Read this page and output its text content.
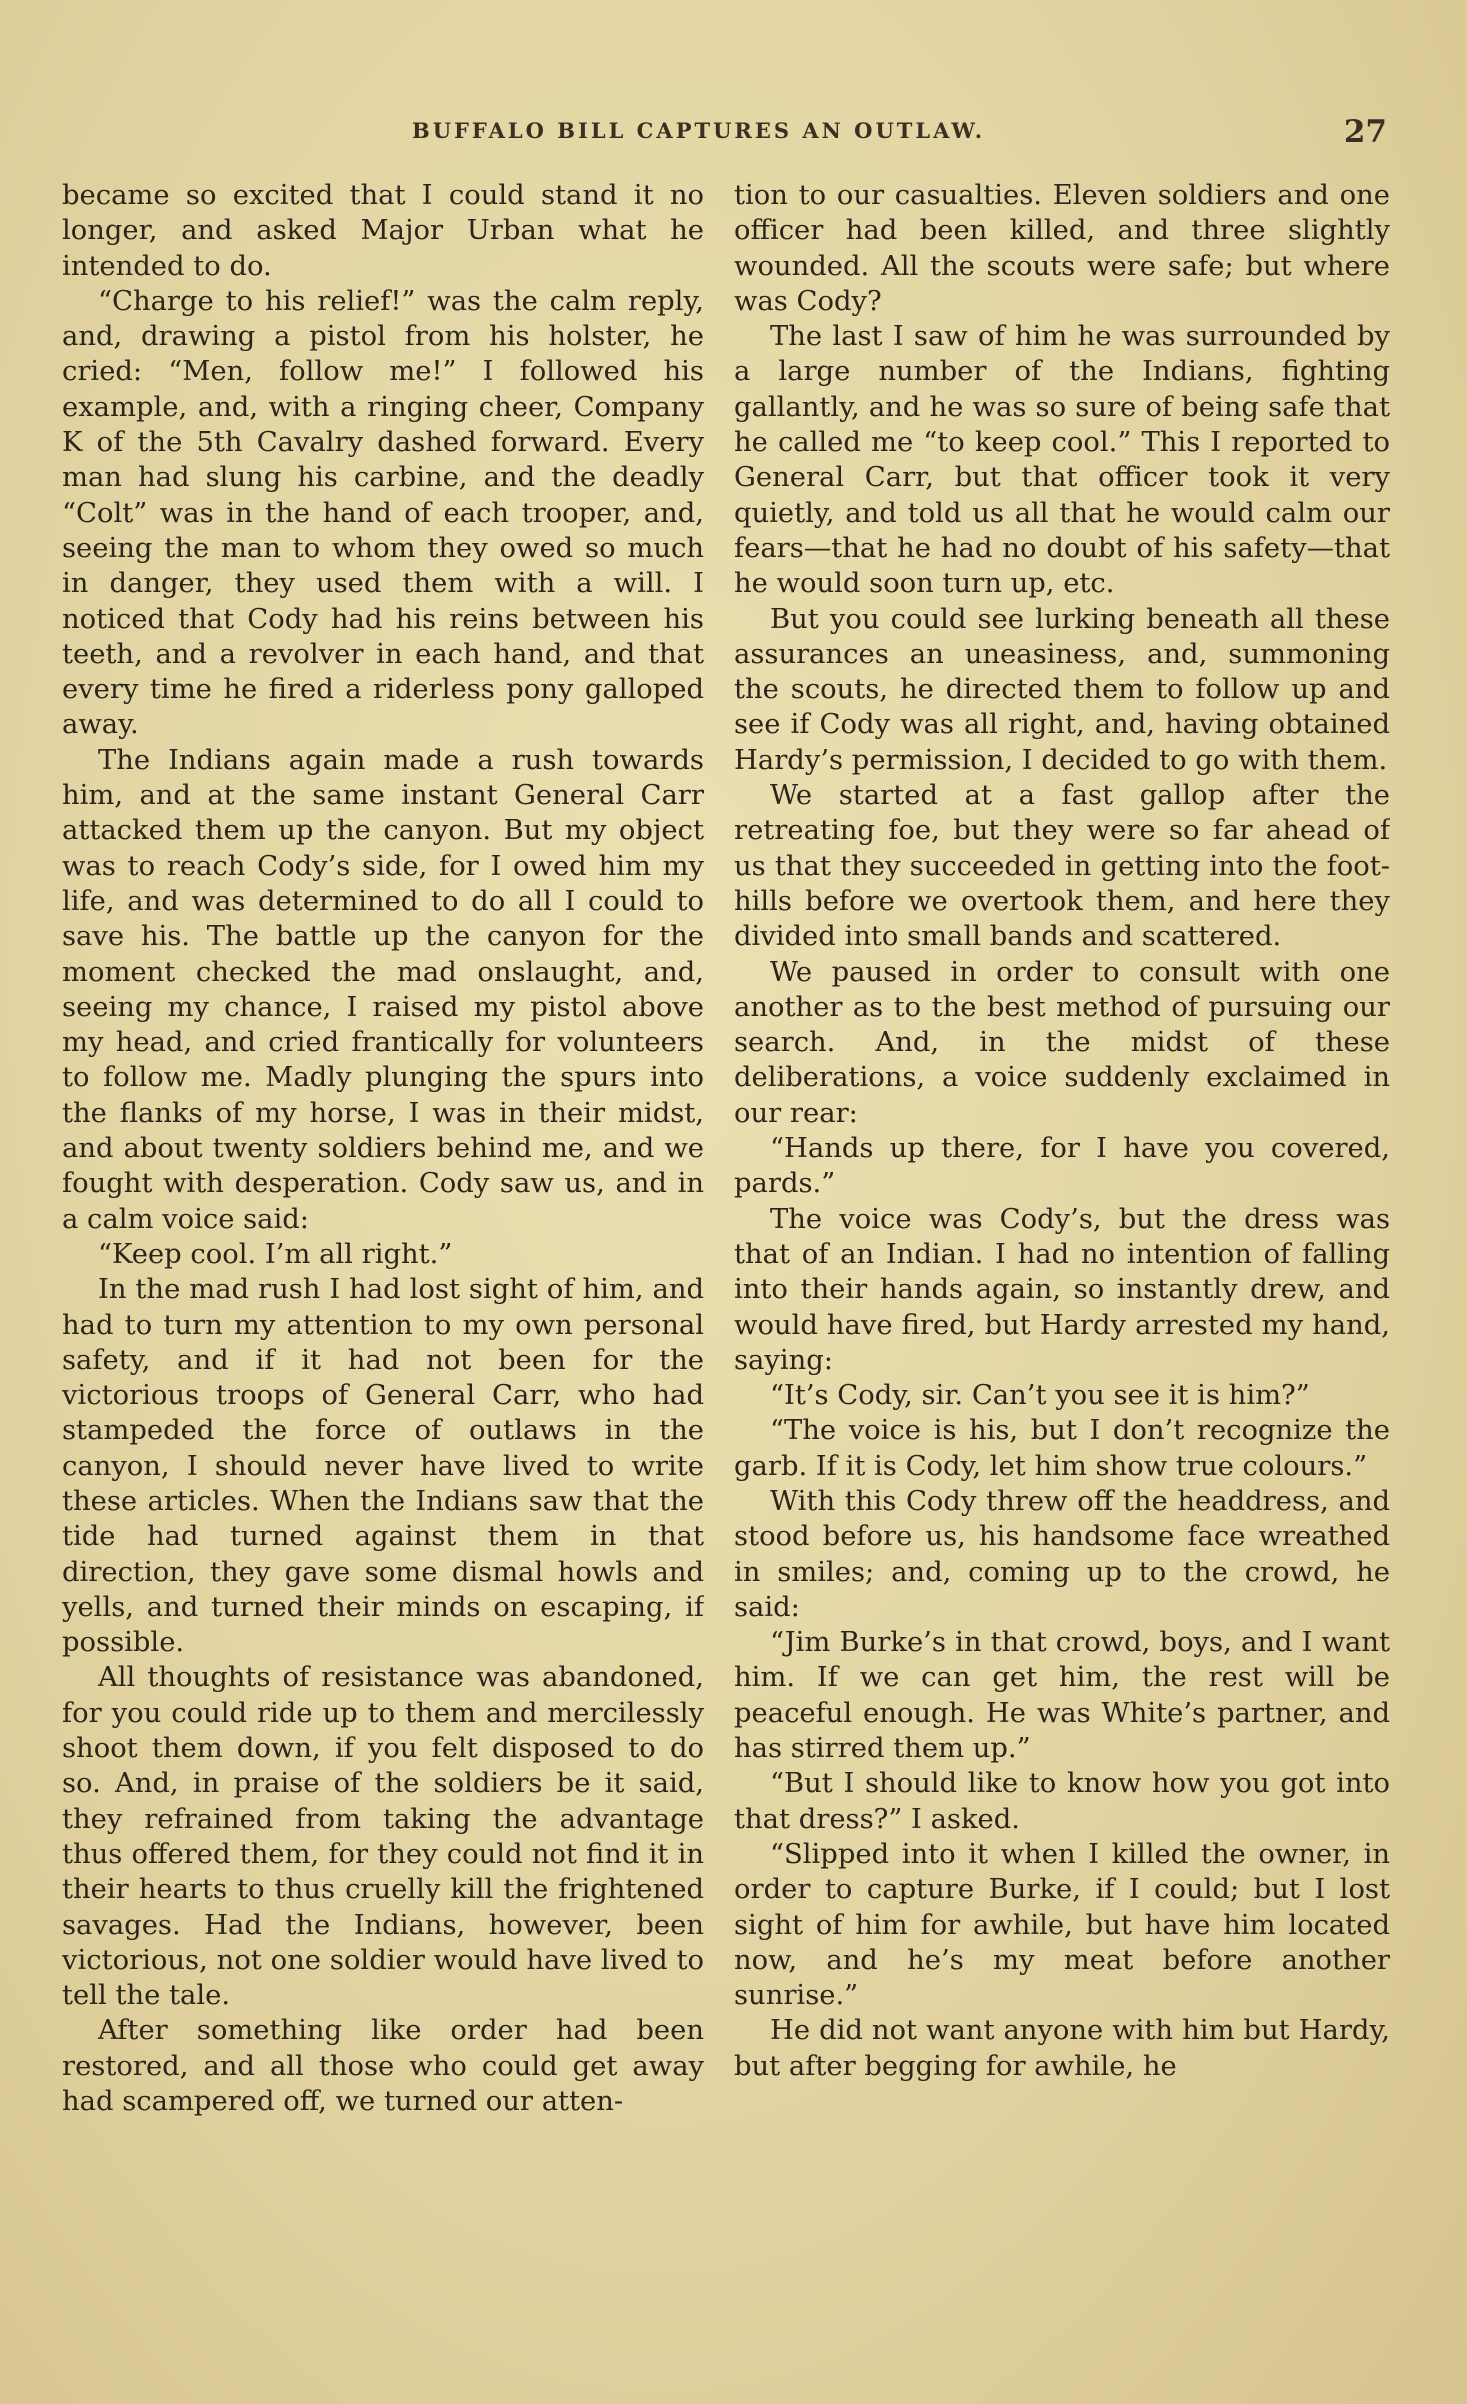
BUFFALO BILL CAPTURES AN OUTLAW.	27

became so excited that I could stand it no longer, and asked Major Urban what he intended to do.

“Charge to his relief!” was the calm reply, and, drawing a pistol from his holster, he cried: “Men, follow me!” I followed his example, and, with a ringing cheer, Company K of the 5th Cavalry dashed forward. Every man had slung his carbine, and the deadly “Colt” was in the hand of each trooper, and, seeing the man to whom they owed so much in danger, they used them with a will. I noticed that Cody had his reins between his teeth, and a revolver in each hand, and that every time he fired a riderless pony galloped away.

The Indians again made a rush towards him, and at the same instant General Carr attacked them up the canyon. But my object was to reach Cody’s side, for I owed him my life, and was determined to do all I could to save his. The battle up the canyon for the moment checked the mad onslaught, and, seeing my chance, I raised my pistol above my head, and cried frantically for volunteers to follow me. Madly plunging the spurs into the flanks of my horse, I was in their midst, and about twenty soldiers behind me, and we fought with desperation. Cody saw us, and in a calm voice said:

“Keep cool. I’m all right.”

In the mad rush I had lost sight of him, and had to turn my attention to my own personal safety, and if it had not been for the victorious troops of General Carr, who had stampeded the force of outlaws in the canyon, I should never have lived to write these articles. When the Indians saw that the tide had turned against them in that direction, they gave some dismal howls and yells, and turned their minds on escaping, if possible.

All thoughts of resistance was abandoned, for you could ride up to them and mercilessly shoot them down, if you felt disposed to do so. And, in praise of the soldiers be it said, they refrained from taking the advantage thus offered them, for they could not find it in their hearts to thus cruelly kill the frightened savages. Had the Indians, however, been victorious, not one soldier would have lived to tell the tale.

After something like order had been restored, and all those who could get away had scampered off, we turned our atten-

tion to our casualties. Eleven soldiers and one officer had been killed, and three slightly wounded. All the scouts were safe; but where was Cody?

The last I saw of him he was surrounded by a large number of the Indians, fighting gallantly, and he was so sure of being safe that he called me “to keep cool.” This I reported to General Carr, but that officer took it very quietly, and told us all that he would calm our fears—that he had no doubt of his safety—that he would soon turn up, etc.

But you could see lurking beneath all these assurances an uneasiness, and, summoning the scouts, he directed them to follow up and see if Cody was all right, and, having obtained Hardy’s permission, I decided to go with them.

We started at a fast gallop after the retreating foe, but they were so far ahead of us that they succeeded in getting into the foot-hills before we overtook them, and here they divided into small bands and scattered.

We paused in order to consult with one another as to the best method of pursuing our search. And, in the midst of these deliberations, a voice suddenly exclaimed in our rear:

“Hands up there, for I have you covered, pards.”

The voice was Cody’s, but the dress was that of an Indian. I had no intention of falling into their hands again, so instantly drew, and would have fired, but Hardy arrested my hand, saying:

“It’s Cody, sir. Can’t you see it is him?”

“The voice is his, but I don’t recognize the garb. If it is Cody, let him show true colours.”

With this Cody threw off the headdress, and stood before us, his handsome face wreathed in smiles; and, coming up to the crowd, he said:

“Jim Burke’s in that crowd, boys, and I want him. If we can get him, the rest will be peaceful enough. He was White’s partner, and has stirred them up.”

“But I should like to know how you got into that dress?” I asked.

“Slipped into it when I killed the owner, in order to capture Burke, if I could; but I lost sight of him for awhile, but have him located now, and he’s my meat before another sunrise.”

He did not want anyone with him but Hardy, but after begging for awhile, he
